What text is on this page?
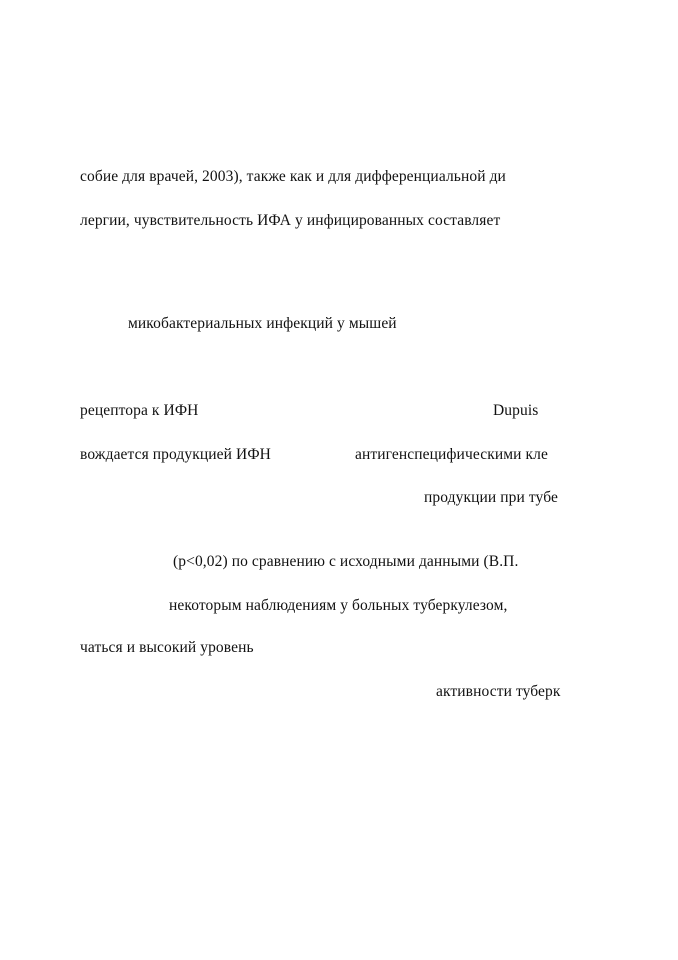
собие для врачей, 2003), также как и для дифференциальной ди
лергии, чувствительность ИФА у инфицированных составляет
микобактериальных инфекций у мышей
рецептора к ИФН	Dupuis
вождается продукцией ИФН	антигенспецифическими кле
продукции при тубе
(р<0,02) по сравнению с исходными данными (В.П.
некоторым наблюдениям у больных туберкулезом,
чаться и высокий уровень
активности туберк
